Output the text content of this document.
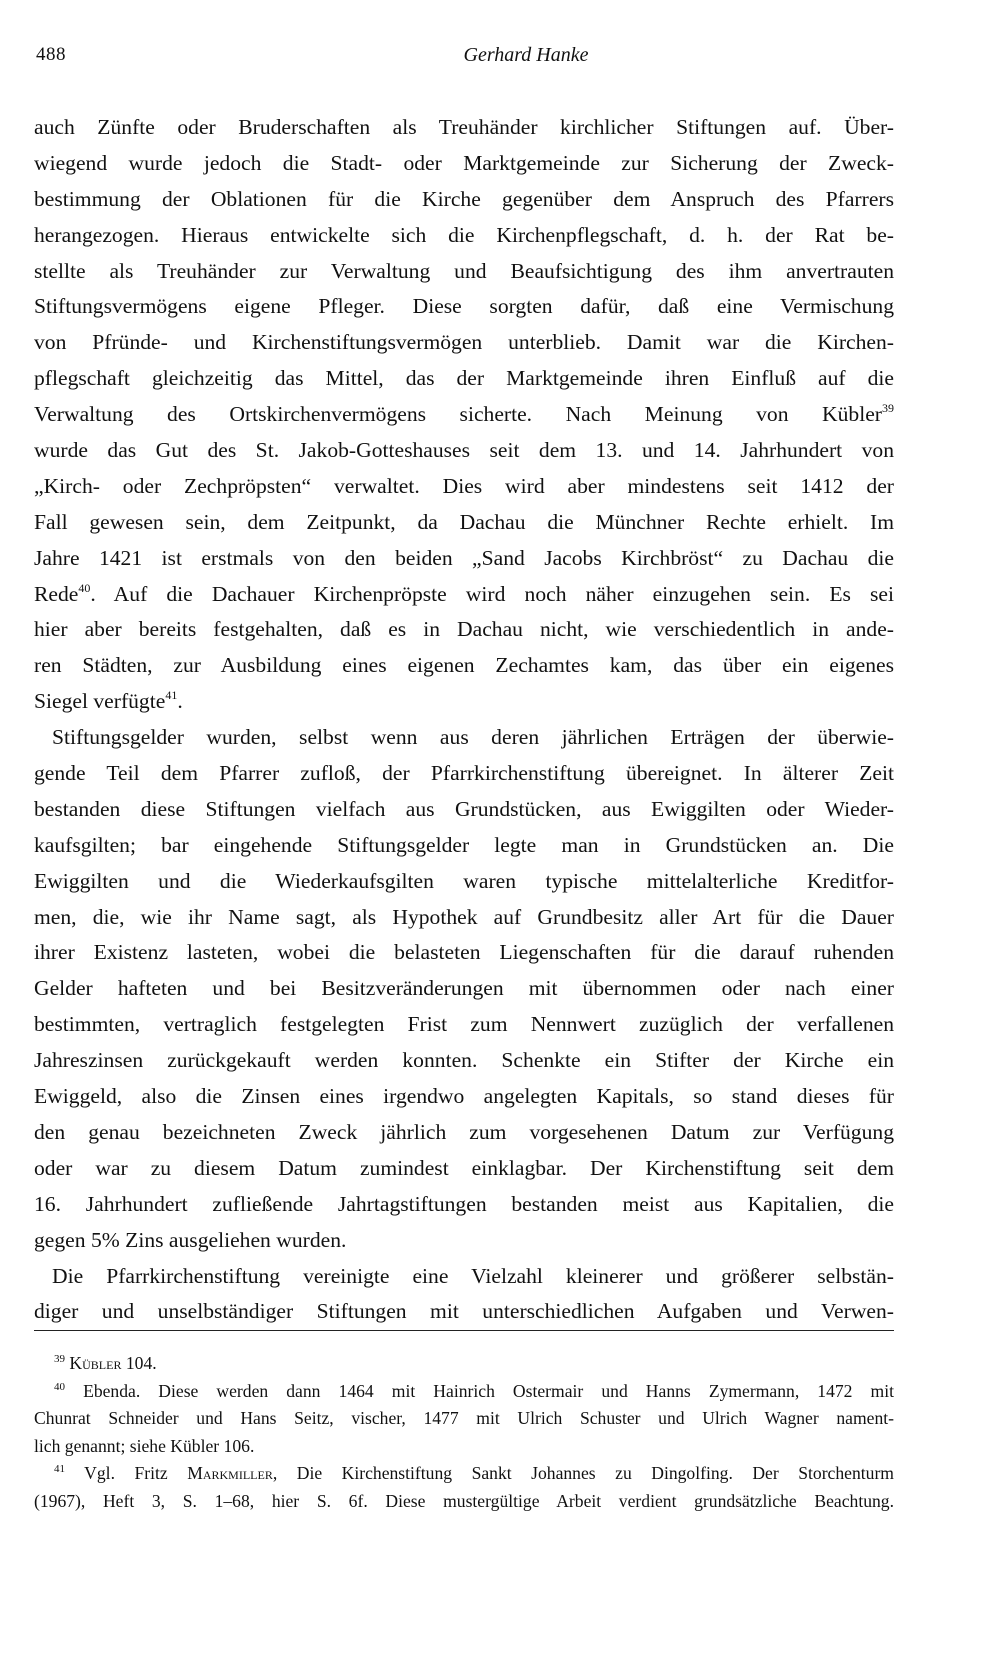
488	Gerhard Hanke
auch Zünfte oder Bruderschaften als Treuhänder kirchlicher Stiftungen auf. Über-
wiegend wurde jedoch die Stadt- oder Marktgemeinde zur Sicherung der Zweck-
bestimmung der Oblationen für die Kirche gegenüber dem Anspruch des Pfarrers
herangezogen. Hieraus entwickelte sich die Kirchenpflegschaft, d. h. der Rat be-
stellte als Treuhänder zur Verwaltung und Beaufsichtigung des ihm anvertrauten
Stiftungsvermögens eigene Pfleger. Diese sorgten dafür, daß eine Vermischung
von Pfründe- und Kirchenstiftungsvermögen unterblieb. Damit war die Kirchen-
pflegschaft gleichzeitig das Mittel, das der Marktgemeinde ihren Einfluß auf die
Verwaltung des Ortskirchenvermögens sicherte. Nach Meinung von Kübler$^{39}$
wurde das Gut des St. Jakob-Gotteshauses seit dem 13. und 14. Jahrhundert von
„Kirch- oder Zechpröpsten“ verwaltet. Dies wird aber mindestens seit 1412 der
Fall gewesen sein, dem Zeitpunkt, da Dachau die Münchner Rechte erhielt. Im
Jahre 1421 ist erstmals von den beiden „Sand Jacobs Kirchbröst“ zu Dachau die
Rede$^{40}$. Auf die Dachauer Kirchenpröpste wird noch näher einzugehen sein. Es sei
hier aber bereits festgehalten, daß es in Dachau nicht, wie verschiedentlich in ande-
ren Städten, zur Ausbildung eines eigenen Zechamtes kam, das über ein eigenes
Siegel verfügte$^{41}$.
Stiftungsgelder wurden, selbst wenn aus deren jährlichen Erträgen der überwie-
gende Teil dem Pfarrer zufloß, der Pfarrkirchenstiftung übereignet. In älterer Zeit
bestanden diese Stiftungen vielfach aus Grundstücken, aus Ewiggilten oder Wieder-
kaufsgilten; bar eingehende Stiftungsgelder legte man in Grundstücken an. Die
Ewiggilten und die Wiederkaufsgilten waren typische mittelalterliche Kreditfor-
men, die, wie ihr Name sagt, als Hypothek auf Grundbesitz aller Art für die Dauer
ihrer Existenz lasteten, wobei die belasteten Liegenschaften für die darauf ruhenden
Gelder hafteten und bei Besitzveränderungen mit übernommen oder nach einer
bestimmten, vertraglich festgelegten Frist zum Nennwert zuzüglich der verfallenen
Jahreszinsen zurückgekauft werden konnten. Schenkte ein Stifter der Kirche ein
Ewiggeld, also die Zinsen eines irgendwo angelegten Kapitals, so stand dieses für
den genau bezeichneten Zweck jährlich zum vorgesehenen Datum zur Verfügung
oder war zu diesem Datum zumindest einklagbar. Der Kirchenstiftung seit dem
16. Jahrhundert zufließende Jahrtagstiftungen bestanden meist aus Kapitalien, die
gegen 5% Zins ausgeliehen wurden.
Die Pfarrkirchenstiftung vereinigte eine Vielzahl kleinerer und größerer selbstän-
diger und unselbständiger Stiftungen mit unterschiedlichen Aufgaben und Verwen-
$^{39}$ Kübler 104.
$^{40}$ Ebenda. Diese werden dann 1464 mit Hainrich Ostermair und Hanns Zymermann, 1472 mit
Chunrat Schneider und Hans Seitz, vischer, 1477 mit Ulrich Schuster und Ulrich Wagner nament-
lich genannt; siehe Kübler 106.
$^{41}$ Vgl. Fritz Markmiller, Die Kirchenstiftung Sankt Johannes zu Dingolfing. Der Storchenturm
(1967), Heft 3, S. 1–68, hier S. 6f. Diese mustergültige Arbeit verdient grundsätzliche Beachtung.
